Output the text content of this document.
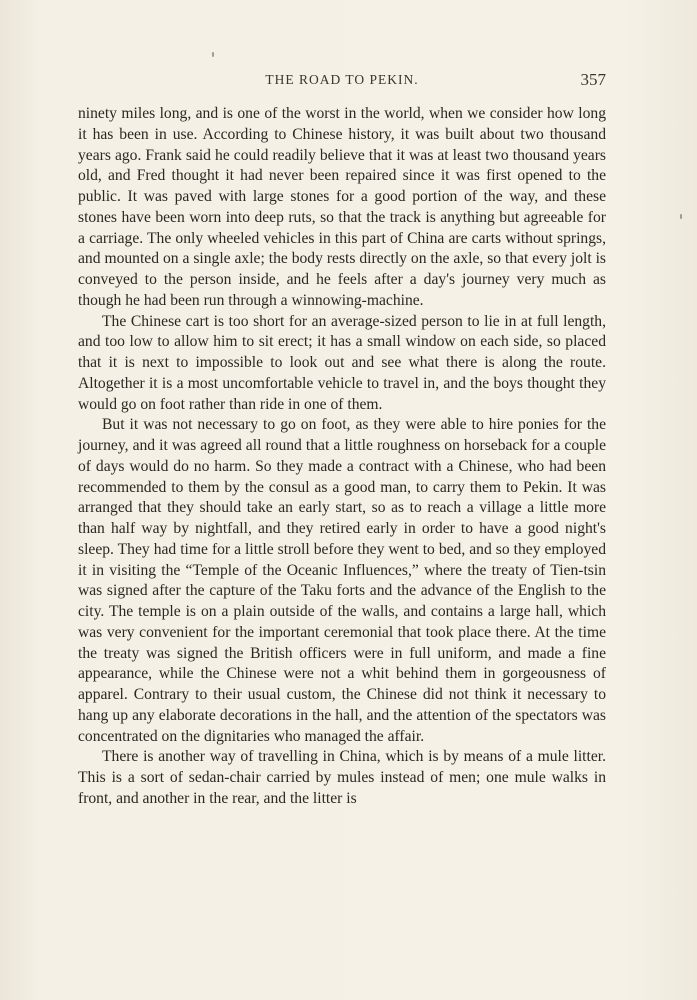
THE ROAD TO PEKIN.	357

ninety miles long, and is one of the worst in the world, when we consider how long it has been in use. According to Chinese history, it was built about two thousand years ago. Frank said he could readily believe that it was at least two thousand years old, and Fred thought it had never been repaired since it was first opened to the public. It was paved with large stones for a good portion of the way, and these stones have been worn into deep ruts, so that the track is anything but agreeable for a carriage. The only wheeled vehicles in this part of China are carts without springs, and mounted on a single axle; the body rests directly on the axle, so that every jolt is conveyed to the person inside, and he feels after a day's journey very much as though he had been run through a winnowing-machine.

The Chinese cart is too short for an average-sized person to lie in at full length, and too low to allow him to sit erect; it has a small window on each side, so placed that it is next to impossible to look out and see what there is along the route. Altogether it is a most uncomfortable vehicle to travel in, and the boys thought they would go on foot rather than ride in one of them.

But it was not necessary to go on foot, as they were able to hire ponies for the journey, and it was agreed all round that a little roughness on horseback for a couple of days would do no harm. So they made a contract with a Chinese, who had been recommended to them by the consul as a good man, to carry them to Pekin. It was arranged that they should take an early start, so as to reach a village a little more than half way by nightfall, and they retired early in order to have a good night's sleep. They had time for a little stroll before they went to bed, and so they employed it in visiting the “Temple of the Oceanic Influences,” where the treaty of Tien-tsin was signed after the capture of the Taku forts and the advance of the English to the city. The temple is on a plain outside of the walls, and contains a large hall, which was very convenient for the important ceremonial that took place there. At the time the treaty was signed the British officers were in full uniform, and made a fine appearance, while the Chinese were not a whit behind them in gorgeousness of apparel. Contrary to their usual custom, the Chinese did not think it necessary to hang up any elaborate decorations in the hall, and the attention of the spectators was concentrated on the dignitaries who managed the affair.

There is another way of travelling in China, which is by means of a mule litter. This is a sort of sedan-chair carried by mules instead of men; one mule walks in front, and another in the rear, and the litter is
